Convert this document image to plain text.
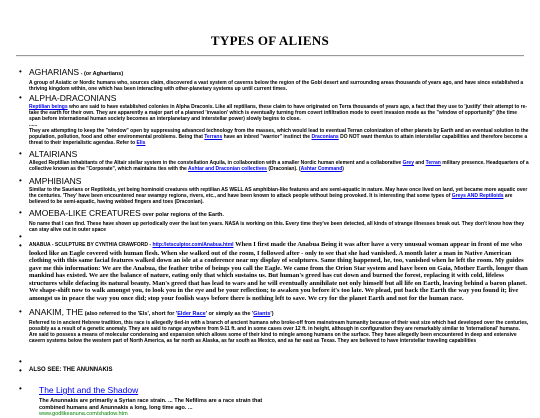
TYPES OF ALIENS
• AGHARIANS - (or Aghartians)
A group of Asiatic or Nordic humans who, sources claim, discovered a vast system of caverns below the region of the Gobi desert and surrounding areas thousands of years ago, and have since established a thriving kingdom within, one which has been interacting with other-planetary systems up until current times.
• ALPHA-DRACONIANS
Reptilian beings who are said to have established colonies in Alpha Draconis. Like all reptilians, these claim to have originated on Terra thousands of years ago, a fact that they use to 'justify' their attempt to re-take the earth for their own. They are apparently a major part of a planned 'invasion' which is eventually turning from covert infiltration mode to overt invasion mode as the "window of opportunity" (the time span before international human society becomes an interplanetary and interstellar power) slowly begins to close.
......
They are attempting to keep the "window" open by suppressing advanced technology from the masses, which would lead to eventual Terran colonization of other planets by Earth and an eventual solution to the population, pollution, food and other environmental problems. Being that Terrans have an inbred "warrior" instinct the Draconians DO NOT want them/us to attain interstellar capabilities and therefore become a threat to their imperialistic agendas. Refer to Elis
• ALTAIRIANS
Alleged Reptilian inhabitants of the Altair stellar system in the constellation Aquila, in collaboration with a smaller Nordic human element and a collaborative Grey and Terran military presence. Headquarters of a collective known as the "Corporate", which maintains ties with the Ashtar and Draconian collectives (Draconian). (Ashtar Command)
• AMPHIBIANS
Similar to the Saurians or Reptiloids, yet being hominoid creatures with reptilian AS WELL AS amphibian-like features and are semi-aquatic in nature. May have once lived on land, yet became more aquatic over the centuries. 'They' have been encountered near swampy regions, rivers, etc., and have been known to attack people without being provoked. It is interesting that some types of Greys AND Reptiloids are believed to be semi-aquatic, having webbed fingers and toes (Draconian).
• AMOEBA-LIKE CREATURES over polar regions of the Earth.
No name that I can find. These have shown up periodically over the last ten years. NASA is working on this. Every time they've been detected, all kinds of strange illnesses break out. They don't know how they can stay alive out in outer space
•
• ANABUA - SCULPTURE BY CYNTHIA CRAWFORD - http://etsculptor.com/Anabua.html When I first made the Anabua Being it was after have a very unusual woman appear in front of me who looked like an Eagle covered with human flesh. When she walked out of the room, I followed after - only to see that she had vanished. A month later a man in Native American clothing with this same facial features walked down an isle at a conference near my display of sculptures. Same thing happened, he, too, vanished when he left the room. My guides gave me this information: We are the Anabua, the feather tribe of beings you call the Eagle. We came from the Orion Star system and have been on Gaia, Mother Earth, longer than mankind has existed. We are the balance of nature, eating only that which sustains us. But human's greed has cut down and burned the forest, replacing it with cold, lifeless structures while defacing its natural beauty. Man's greed that has lead to wars and he will eventually annihilate not only himself but all life on Earth, leaving behind a baron planet. We shape-shift now to walk amongst you, to look you in the eye and be your reflection; to awaken you before it's too late. We plead, put back the Earth the way you found it; live amongst us in peace the way you once did; stop your foolish ways before there is nothing left to save. We cry for the planet Earth and not for the human race.
• ANAKIM, THE (also referred to the 'Els', short for 'Elder Race' or simply as the 'Giants')
Referred to in ancient Hebrew tradition, this race is allegedly tied-in with a branch of ancient humans who broke-off from mainstream humanity because of their vast size which had developed over the centuries, possibly as a result of a genetic anomaly. They are said to range anywhere from 9-11 ft. and in some cases over 12 ft. in height, although in configuration they are remarkably similar to 'international' humans. Are said to possess a means of molecular condensing and expansion which allows some of their kind to mingle among humans on the surface. They have allegedly been encountered in deep and extensive cavern systems below the western part of North America, as far north as Alaska, as far south as Mexico, and as far east as Texas. They are believed to have interstellar traveling capabilities
•
• ALSO SEE: THE ANUNNAKIS
• The Light and the Shadow
The Anunnakis are primarily a Syrian race strain. ... The Nefilims are a race strain that
combined humans and Anunnakis a long, long time ago. ...
www.godlikeanuna.com/shadow.htm
